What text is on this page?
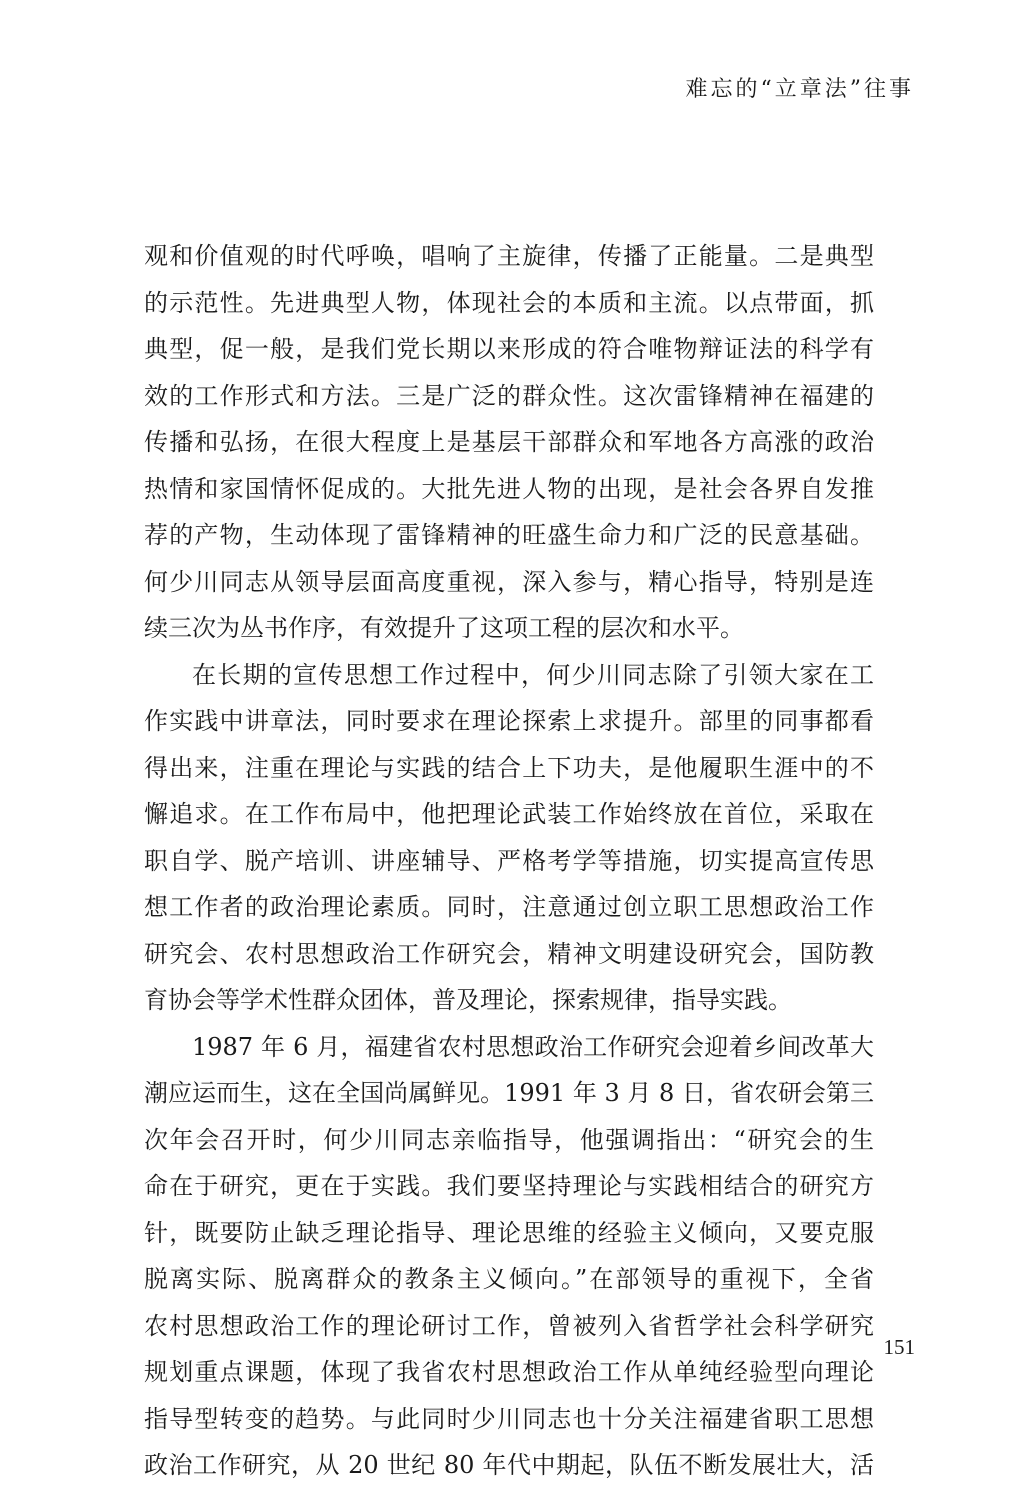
难忘的“立章法”往事
观和价值观的时代呼唤，唱响了主旋律，传播了正能量。二是典型
的示范性。先进典型人物，体现社会的本质和主流。以点带面，抓
典型，促一般，是我们党长期以来形成的符合唯物辩证法的科学有
效的工作形式和方法。三是广泛的群众性。这次雷锋精神在福建的
传播和弘扬，在很大程度上是基层干部群众和军地各方高涨的政治
热情和家国情怀促成的。大批先进人物的出现，是社会各界自发推
荐的产物，生动体现了雷锋精神的旺盛生命力和广泛的民意基础。
何少川同志从领导层面高度重视，深入参与，精心指导，特别是连
续三次为丛书作序，有效提升了这项工程的层次和水平。
在长期的宣传思想工作过程中，何少川同志除了引领大家在工
作实践中讲章法，同时要求在理论探索上求提升。部里的同事都看
得出来，注重在理论与实践的结合上下功夫，是他履职生涯中的不
懈追求。在工作布局中，他把理论武装工作始终放在首位，采取在
职自学、脱产培训、讲座辅导、严格考学等措施，切实提高宣传思
想工作者的政治理论素质。同时，注意通过创立职工思想政治工作
研究会、农村思想政治工作研究会，精神文明建设研究会，国防教
育协会等学术性群众团体，普及理论，探索规律，指导实践。
1987 年 6 月，福建省农村思想政治工作研究会迎着乡间改革大
潮应运而生，这在全国尚属鲜见。1991 年 3 月 8 日，省农研会第三
次年会召开时，何少川同志亲临指导，他强调指出：“研究会的生
命在于研究，更在于实践。我们要坚持理论与实践相结合的研究方
针，既要防止缺乏理论指导、理论思维的经验主义倾向，又要克服
脱离实际、脱离群众的教条主义倾向。”在部领导的重视下，全省
农村思想政治工作的理论研讨工作，曾被列入省哲学社会科学研究
规划重点课题，体现了我省农村思想政治工作从单纯经验型向理论
指导型转变的趋势。与此同时少川同志也十分关注福建省职工思想
政治工作研究，从 20 世纪 80 年代中期起，队伍不断发展壮大，活
151
